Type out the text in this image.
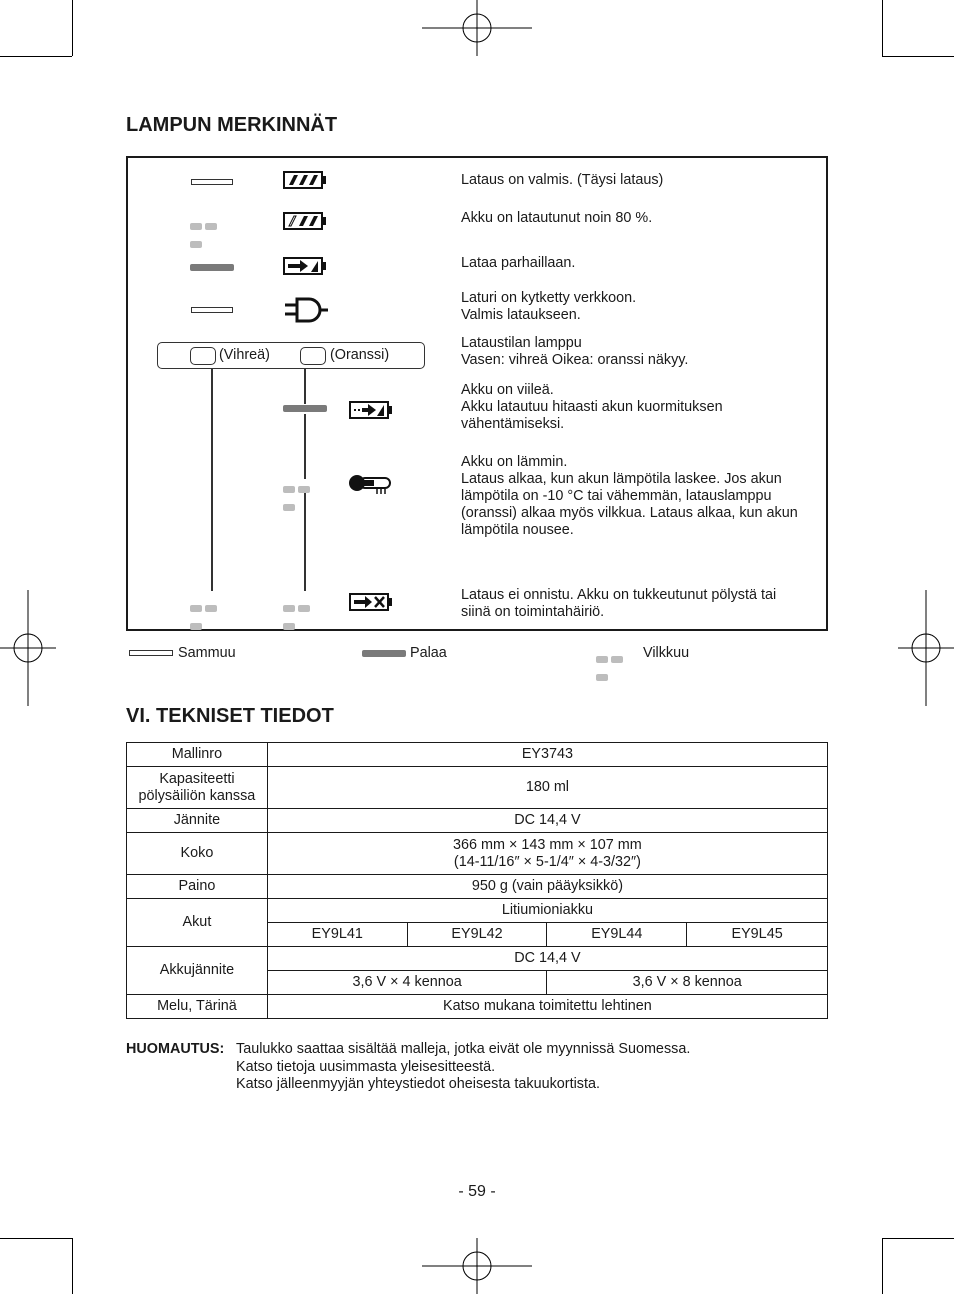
LAMPUN MERKINNÄT
Lataus on valmis. (Täysi lataus)
Akku on latautunut noin 80 %.
Lataa parhaillaan.
Laturi on kytketty verkkoon.
Valmis lataukseen.
(Vihreä)	(Oranssi)
Lataustilan lamppu
Vasen: vihreä Oikea: oranssi näkyy.
Akku on viileä.
Akku latautuu hitaasti akun kuormituksen
vähentämiseksi.
Akku on lämmin.
Lataus alkaa, kun akun lämpötila laskee. Jos akun
lämpötila on -10 °C tai vähemmän, latauslamppu
(oranssi) alkaa myös vilkkua. Lataus alkaa, kun akun
lämpötila nousee.
Lataus ei onnistu. Akku on tukkeutunut pölystä tai
siinä on toimintahäiriö.
Sammuu	Palaa	Vilkkuu
VI. TEKNISET TIEDOT
Mallinro	EY3743			

Kapasiteetti
pölysäiliön kanssa	180 ml			
Jännite	DC 14,4 V			
Koko	366 mm × 143 mm × 107 mm
(14-11/16″ × 5-1/4″ × 4-3/32″)			

Paino	950 g (vain pääyksikkö)			
Akut	Litiumioniakku			
	EY9L41	EY9L42	EY9L44	EY9L45
Akkujännite	DC 14,4 V			
	3,6 V × 4 kennoa		3,6 V × 8 kennoa	
Melu, Tärinä	Katso mukana toimitettu lehtinen			
HUOMAUTUS: Taulukko saattaa sisältää malleja, jotka eivät ole myynnissä Suomessa.
Katso tietoja uusimmasta yleisesitteestä.
Katso jälleenmyyjän yhteystiedot oheisesta takuukortista.
- 59 -
